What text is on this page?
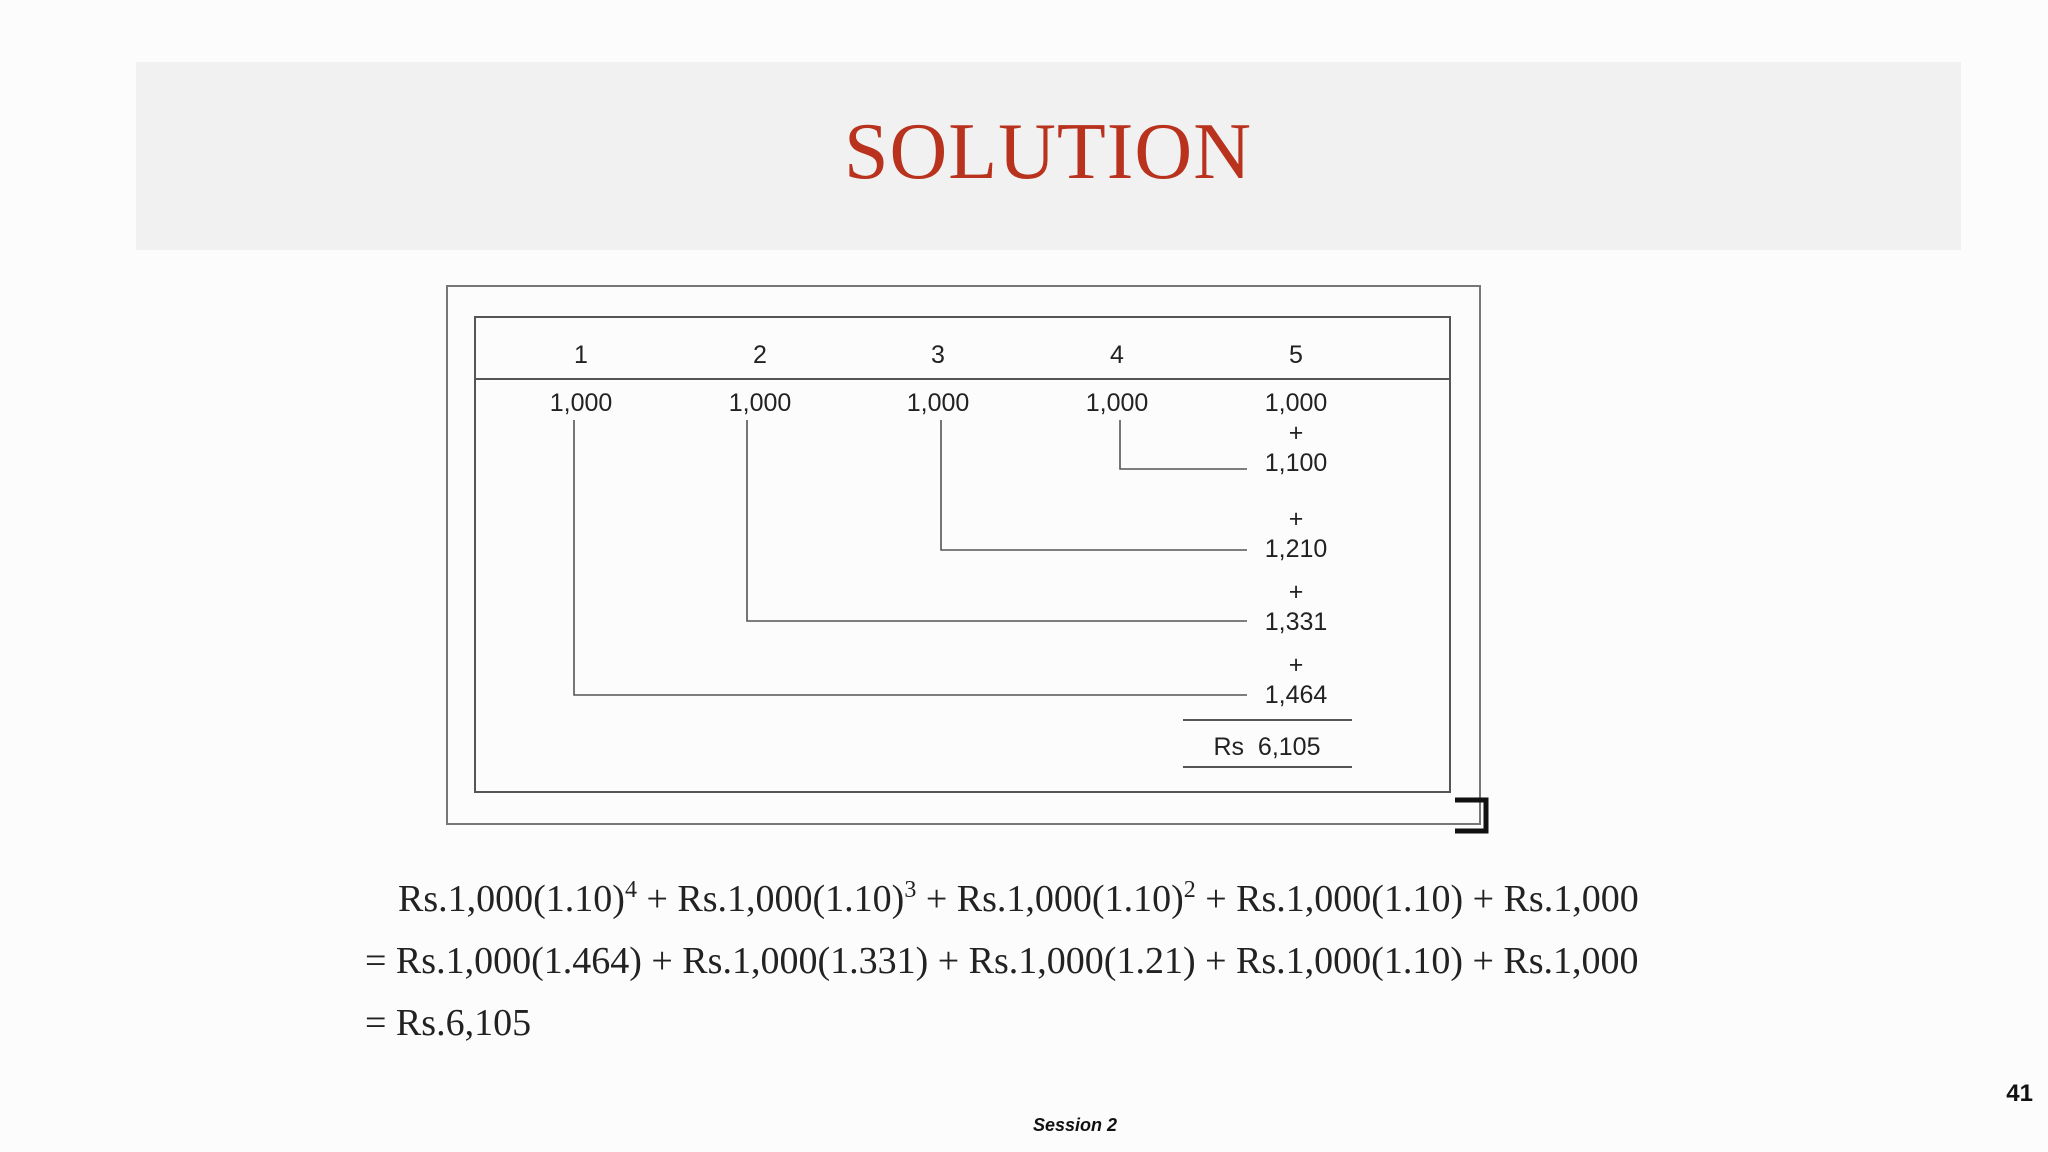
SOLUTION
1	2	3	4	5
1,000	1,000	1,000	1,000	1,000
+
1,100
+
1,210
+
1,331
+
1,464
Rs  6,105
$Rs.1,000(1.10)^4 + Rs.1,000(1.10)^3 + Rs.1,000(1.10)^2 + Rs.1,000(1.10) + Rs.1,000$
= Rs.1,000(1.464) + Rs.1,000(1.331) + Rs.1,000(1.21) + Rs.1,000(1.10) + Rs.1,000
= Rs.6,105
Session 2
41
